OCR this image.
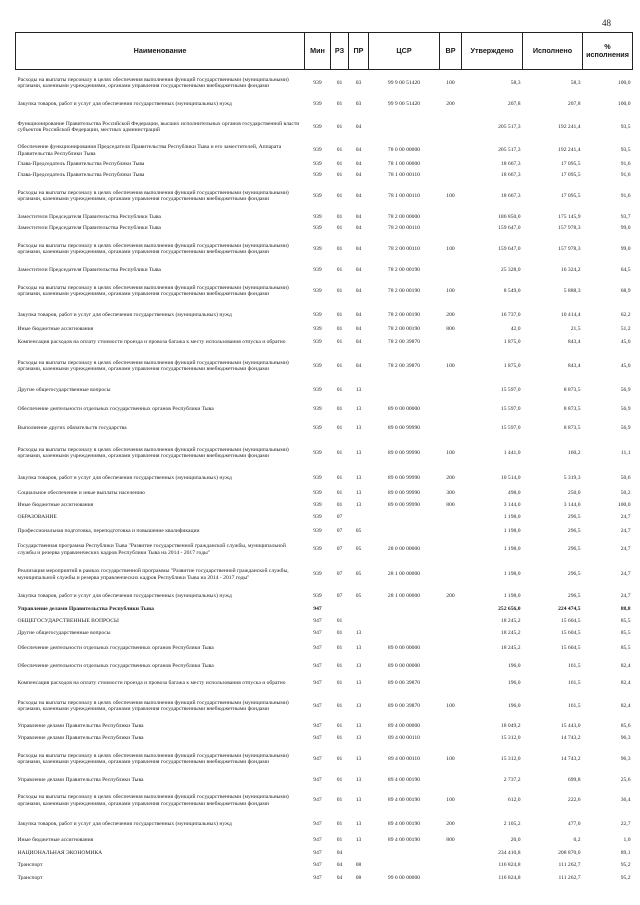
48
Наименование	Мин	РЗ	ПР	ЦСР	ВР	Утверждено	Исполнено	% исполнения
Расходы на выплаты персоналу в целях обеспечения выполнения функций государственными (муниципальными) органами, казенными учреждениями, органами управления государственными внебюджетными фондами	939	01	03	99 9 00 51420	100	58,3	58,3	100,0
Закупка товаров, работ и услуг для обеспечения государственных (муниципальных) нужд	939	01	03	99 9 00 51420	200	207,8	207,8	100,0
Функционирование Правительства Российской Федерации, высших исполнительных органов государственной власти субъектов Российской Федерации, местных администраций	939	01	04			205 517,3	192 241,4	93,5
Обеспечение функционирования Председателя Правительства Республики Тыва и его заместителей, Аппарата Правительства Республики Тыва	939	01	04	78 0 00 00000		205 517,3	192 241,4	93,5
Глава-Председатель Правительства Республики Тыва	939	01	04	78 1 00 00000		18 667,3	17 095,5	91,6
Глава-Председатель Правительства Республики Тыва	939	01	04	78 1 00 00110		18 667,3	17 095,5	91,6
Расходы на выплаты персоналу в целях обеспечения выполнения функций государственными (муниципальными) органами, казенными учреждениями, органами управления государственными внебюджетными фондами	939	01	04	78 1 00 00110	100	18 667,3	17 095,5	91,6
Заместители Председателя Правительства Республики Тыва	939	01	04	78 2 00 00000		186 850,0	175 145,9	93,7
Заместители Председателя Правительства Республики Тыва	939	01	04	78 2 00 00110		159 647,0	157 978,3	99,0
Расходы на выплаты персоналу в целях обеспечения выполнения функций государственными (муниципальными) органами, казенными учреждениями, органами управления государственными внебюджетными фондами	939	01	04	78 2 00 00110	100	159 647,0	157 978,3	99,0
Заместители Председателя Правительства Республики Тыва	939	01	04	78 2 00 00190		25 328,0	16 324,2	64,5
Расходы на выплаты персоналу в целях обеспечения выполнения функций государственными (муниципальными) органами, казенными учреждениями, органами управления государственными внебюджетными фондами	939	01	04	78 2 00 00190	100	8 549,0	5 888,3	68,9
Закупка товаров, работ и услуг для обеспечения государственных (муниципальных) нужд	939	01	04	78 2 00 00190	200	16 737,0	10 414,4	62,2
Иные бюджетные ассигнования	939	01	04	78 2 00 00190	800	42,0	21,5	51,2
Компенсация расходов на оплату стоимости проезда и провоза багажа к месту использования отпуска и обратно	939	01	04	78 2 00 39870		1 875,0	843,4	45,0
Расходы на выплаты персоналу в целях обеспечения выполнения функций государственными (муниципальными) органами, казенными учреждениями, органами управления государственными внебюджетными фондами	939	01	04	78 2 00 39870	100	1 875,0	843,4	45,0
Другие общегосударственные вопросы	939	01	13			15 597,0	8 873,5	56,9
Обеспечение деятельности отдельных государственных органов Республики Тыва	939	01	13	89 0 00 00000		15 597,0	8 873,5	56,9
Выполнение других обязательств государства	939	01	13	89 0 00 99990		15 597,0	8 873,5	56,9
Расходы на выплаты персоналу в целях обеспечения выполнения функций государственными (муниципальными) органами, казенными учреждениями, органами управления государственными внебюджетными фондами	939	01	13	89 0 00 99990	100	1 441,0	160,2	11,1
Закупка товаров, работ и услуг для обеспечения государственных (муниципальных) нужд	939	01	13	89 0 00 99990	200	10 514,0	5 319,3	50,6
Социальное обеспечение и иные выплаты населению	939	01	13	89 0 00 99990	300	498,0	250,0	50,2
Иные бюджетные ассигнования	939	01	13	89 0 00 99990	800	3 144,0	3 144,0	100,0
ОБРАЗОВАНИЕ	939	07				1 198,0	296,5	24,7
Профессиональная подготовка, переподготовка и повышение квалификации	939	07	05			1 198,0	296,5	24,7
Государственная программа Республики Тыва "Развитие государственной гражданской службы, муниципальной службы и резерва управленческих кадров Республики Тыва на 2014 - 2017 годы"	939	07	05	28 0 00 00000		1 198,0	296,5	24,7
Реализация мероприятий в рамках государственной программы "Развитие государственной гражданской службы, муниципальной службы и резерва управленческих кадров Республики Тыва на 2014 - 2017 годы"	939	07	05	28 1 00 00000		1 198,0	296,5	24,7
Закупка товаров, работ и услуг для обеспечения государственных (муниципальных) нужд	939	07	05	28 1 00 00000	200	1 198,0	296,5	24,7
Управление делами Правительства Республики Тыва	947					252 656,0	224 474,5	88,8
ОБЩЕГОСУДАРСТВЕННЫЕ ВОПРОСЫ	947	01				18 245,2	15 604,5	85,5
Другие общегосударственные вопросы	947	01	13			18 245,2	15 604,5	85,5
Обеспечение деятельности отдельных государственных органов Республики Тыва	947	01	13	89 0 00 00000		18 245,2	15 604,5	85,5
Обеспечение деятельности отдельных государственных органов Республики Тыва	947	01	13	89 0 00 00000		196,0	161,5	82,4
Компенсация расходов на оплату стоимости проезда и провоза багажа к месту использования отпуска и обратно	947	01	13	89 0 00 39870		196,0	161,5	82,4
Расходы на выплаты персоналу в целях обеспечения выполнения функций государственными (муниципальными) органами, казенными учреждениями, органами управления государственными внебюджетными фондами	947	01	13	89 0 00 39870	100	196,0	161,5	82,4
Управление делами Правительства Республики Тыва	947	01	13	89 4 00 00000		18 049,2	15 443,0	85,6
Управление делами Правительства Республики Тыва	947	01	13	89 4 00 00110		15 312,0	14 743,2	96,3
Расходы на выплаты персоналу в целях обеспечения выполнения функций государственными (муниципальными) органами, казенными учреждениями, органами управления государственными внебюджетными фондами	947	01	13	89 4 00 00110	100	15 312,0	14 743,2	96,3
Управление делами Правительства Республики Тыва	947	01	13	89 4 00 00190		2 737,2	699,8	25,6
Расходы на выплаты персоналу в целях обеспечения выполнения функций государственными (муниципальными) органами, казенными учреждениями, органами управления государственными внебюджетными фондами	947	01	13	89 4 00 00190	100	612,0	222,6	36,4
Закупка товаров, работ и услуг для обеспечения государственных (муниципальных) нужд	947	01	13	89 4 00 00190	200	2 105,2	477,0	22,7
Иные бюджетные ассигнования	947	01	13	89 4 00 00190	800	20,0	0,2	1,0
НАЦИОНАЛЬНАЯ ЭКОНОМИКА	947	04				234 410,8	208 870,0	89,1
Транспорт	947	04	08			116 824,8	111 262,7	95,2
Транспорт	947	04	08	99 0 00 00000		116 824,8	111 262,7	95,2
